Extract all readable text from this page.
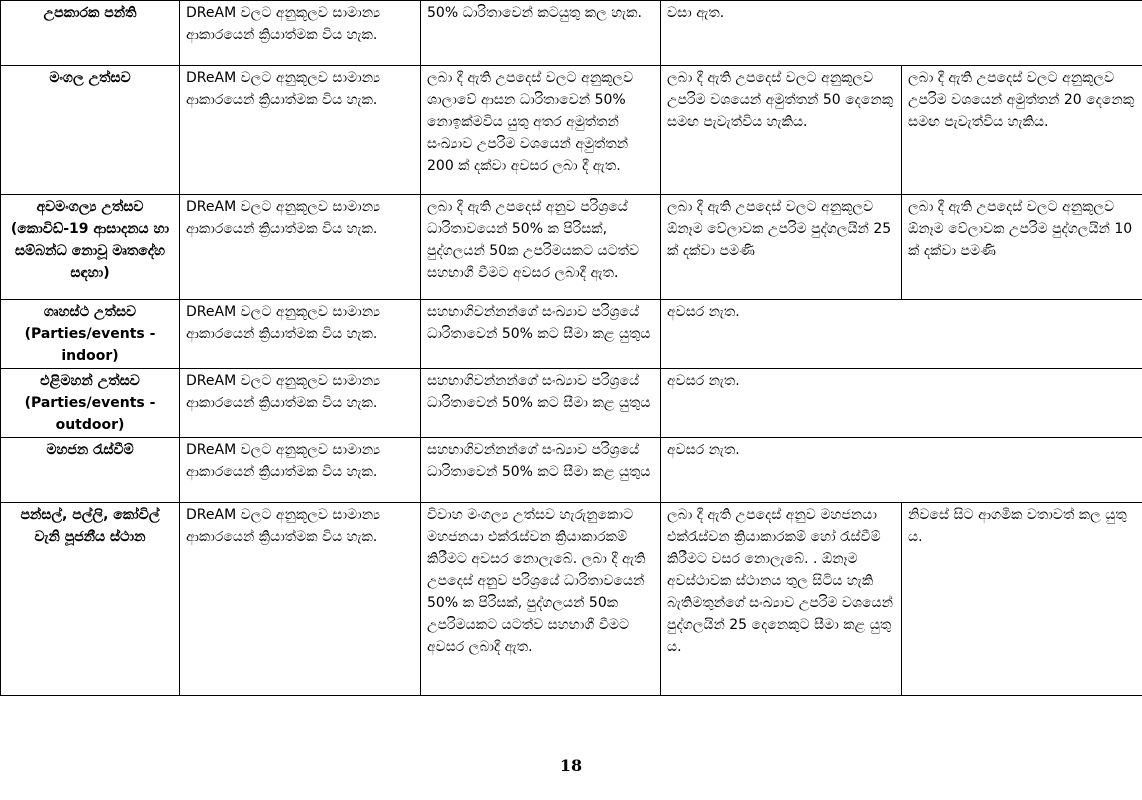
උපකාරක පන්ති	DReAM වලට අනුකූලව සාමාන්‍ය ආකාරයෙන් ක්‍රියාත්මක විය හැක.	50% ධාරිතාවෙන් කටයුතු කල හැක.	වසා ඇත.	
මංගල උත්සව	DReAM වලට අනුකූලව සාමාන්‍ය ආකාරයෙන් ක්‍රියාත්මක විය හැක.	ලබා දී ඇති උපදෙස් වලට අනුකූලව ශාලාවේ ආසන ධාරිතාවෙන් 50% නොඉක්මවිය යුතු අතර අමුත්තන් සංඛ්‍යාව උපරිම වශයෙන් අමුත්තන් 200 ක් දක්වා අවසර ලබා දී ඇත.	ලබා දී ඇති උපදෙස් වලට අනුකූලව උපරිම වශයෙන් අමුත්තන් 50 දෙනෙකු සමඟ පැවැත්විය හැකිය.	ලබා දී ඇති උපදෙස් වලට අනුකූලව උපරිම වශයෙන් අමුත්තන් 20 දෙනෙකු සමඟ පැවැත්විය හැකිය.
අවමංගල්‍ය උත්සව (කොවිඩ්-19 ආසාදනය හා සම්බන්ධ නොවූ මෘතදේහ සඳහා)	DReAM වලට අනුකූලව සාමාන්‍ය ආකාරයෙන් ක්‍රියාත්මක විය හැක.	ලබා දී ඇති උපදෙස් අනුව පරිශ්‍රයේ ධාරිතාවයෙන් 50% ක පිරිසක්, පුද්ගලයන් 50ක උපරිමයකට යටත්ව සහභාගී වීමට අවසර ලබාදී ඇත.	ලබා දී ඇති උපදෙස් වලට අනුකූලව ඕනෑම වේලාවක උපරිම පුද්ගලයින් 25 ක් දක්වා පමණි	ලබා දී ඇති උපදෙස් වලට අනුකූලව ඕනෑම වේලාවක උපරිම පුද්ගලයින් 10 ක් දක්වා පමණි
ගෘහස්ථ උත්සව (Parties/events - indoor)	DReAM වලට අනුකූලව සාමාන්‍ය ආකාරයෙන් ක්‍රියාත්මක විය හැක.	සහභාගිවන්නන්ගේ සංඛ්‍යාව පරිශ්‍රයේ ධාරිතාවෙන් 50% කට සීමා කළ යුතුය	අවසර නැත.	
එළිමහන් උත්සව (Parties/events - outdoor)	DReAM වලට අනුකූලව සාමාන්‍ය ආකාරයෙන් ක්‍රියාත්මක විය හැක.	සහභාගිවන්නන්ගේ සංඛ්‍යාව පරිශ්‍රයේ ධාරිතාවෙන් 50% කට සීමා කළ යුතුය	අවසර නැත.	
මහජන රැස්වීම්	DReAM වලට අනුකූලව සාමාන්‍ය ආකාරයෙන් ක්‍රියාත්මක විය හැක.	සහභාගිවන්නන්ගේ සංඛ්‍යාව පරිශ්‍රයේ ධාරිතාවෙන් 50% කට සීමා කළ යුතුය	අවසර නැත.	
පන්සල්, පල්ලි, කෝවිල් වැනි පූජනීය ස්ථාන	DReAM වලට අනුකූලව සාමාන්‍ය ආකාරයෙන් ක්‍රියාත්මක විය හැක.	විවාහ මංගල්‍ය උත්සව හැරුනුකොට මහජනයා එක්රැස්වන ක්‍රියාකාරකම් කිරීමට අවසර නොලැබේ. ලබා දී ඇති උපදෙස් අනුව පරිශ්‍රයේ ධාරිතාවයෙන් 50% ක පිරිසක්, පුද්ගලයන් 50ක උපරිමයකට යටත්ව සහභාගී වීමට අවසර ලබාදී ඇත.	ලබා දී ඇති උපදෙස් අනුව මහජනයා එක්රැස්වන ක්‍රියාකාරකම් හෝ රැස්වීම් කිරීමට වසර නොලැබේ. . ඕනෑම අවස්ථාවක ස්ථානය තුල සිටිය හැකි බැතිමතුන්ගේ සංඛ්‍යාව උපරිම වශයෙන් පුද්ගලයින් 25 දෙනෙකුට සීමා කළ යුතු ය.	නිවසේ සිට ආගමික වතාවත් කල යුතු ය.
18
